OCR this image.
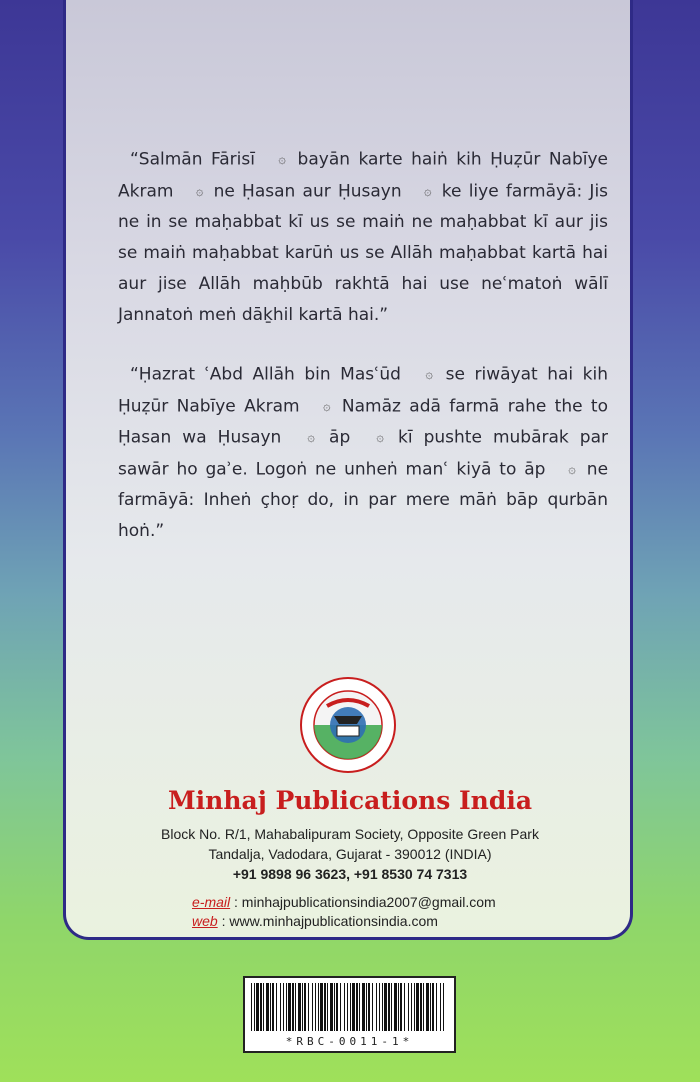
“Salmān Fārisī ۞ bayān karte haiṅ kih Ḥuẓūr Nabīye Akram ۞ ne Ḥasan aur Ḥusayn ۞ ke liye farmāyā: Jis ne in se maḥabbat kī us se maiṅ ne maḥabbat kī aur jis se maiṅ maḥabbat karūṅ us se Allāh maḥabbat kartā hai aur jise Allāh maḥbūb rakhtā hai use neʿmatoṅ wālī Jannatoṅ meṅ dāḵhil kartā hai.”

“Ḥazrat ʿAbd Allāh bin Masʿūd ۞ se riwāyat hai kih Ḥuẓūr Nabīye Akram ۞ Namāz adā farmā rahe the to Ḥasan wa Ḥusayn ۞ āp ۞ kī pushte mubārak par sawār ho gaʾe. Logoṅ ne unheṅ manʿ kiyā to āp ۞ ne farmāyā: Inheṅ çhoṛ do, in par mere māṅ bāp qurbān hoṅ.”

Minhaj Publications India
Block No. R/1, Mahabalipuram Society, Opposite Green Park
Tandalja, Vadodara, Gujarat - 390012 (INDIA)
+91 9898 96 3623, +91 8530 74 7313
e-mail : minhajpublicationsindia2007@gmail.com
web : www.minhajpublicationsindia.com
*RBC-0011-1*
